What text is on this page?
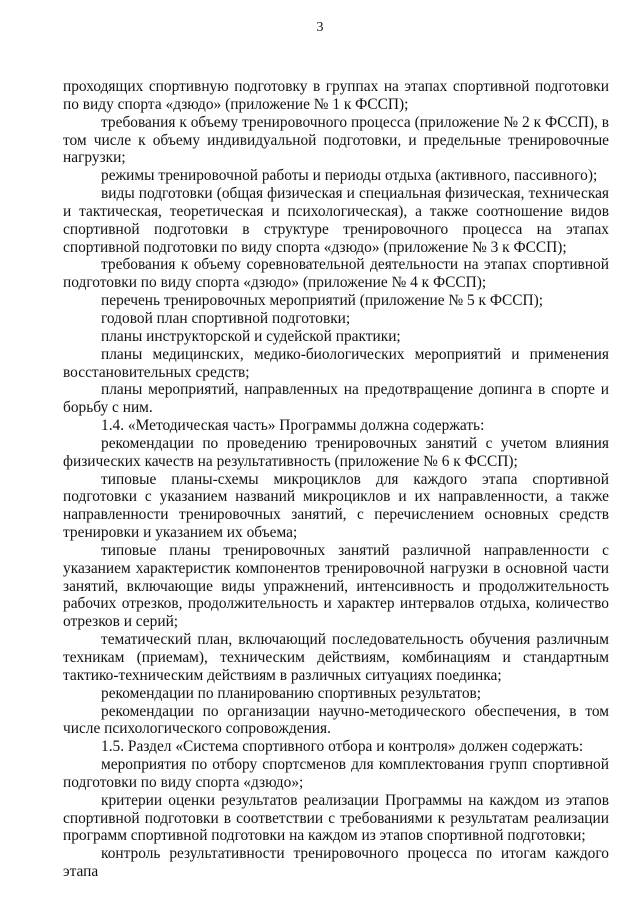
3

проходящих спортивную подготовку в группах на этапах спортивной подготовки по виду спорта «дзюдо» (приложение № 1 к ФССП);

требования к объему тренировочного процесса (приложение № 2 к ФССП), в том числе к объему индивидуальной подготовки, и предельные тренировочные нагрузки;

режимы тренировочной работы и периоды отдыха (активного, пассивного);

виды подготовки (общая физическая и специальная физическая, техническая и тактическая, теоретическая и психологическая), а также соотношение видов спортивной подготовки в структуре тренировочного процесса на этапах спортивной подготовки по виду спорта «дзюдо» (приложение № 3 к ФССП);

требования к объему соревновательной деятельности на этапах спортивной подготовки по виду спорта «дзюдо» (приложение № 4 к ФССП);

перечень тренировочных мероприятий (приложение № 5 к ФССП);

годовой план спортивной подготовки;

планы инструкторской и судейской практики;

планы медицинских, медико-биологических мероприятий и применения восстановительных средств;

планы мероприятий, направленных на предотвращение допинга в спорте и борьбу с ним.

1.4. «Методическая часть» Программы должна содержать:

рекомендации по проведению тренировочных занятий с учетом влияния физических качеств на результативность (приложение № 6 к ФССП);

типовые планы-схемы микроциклов для каждого этапа спортивной подготовки с указанием названий микроциклов и их направленности, а также направленности тренировочных занятий, с перечислением основных средств тренировки и указанием их объема;

типовые планы тренировочных занятий различной направленности с указанием характеристик компонентов тренировочной нагрузки в основной части занятий, включающие виды упражнений, интенсивность и продолжительность рабочих отрезков, продолжительность и характер интервалов отдыха, количество отрезков и серий;

тематический план, включающий последовательность обучения различным техникам (приемам), техническим действиям, комбинациям и стандартным тактико-техническим действиям в различных ситуациях поединка;

рекомендации по планированию спортивных результатов;

рекомендации по организации научно-методического обеспечения, в том числе психологического сопровождения.

1.5. Раздел «Система спортивного отбора и контроля» должен содержать:

мероприятия по отбору спортсменов для комплектования групп спортивной подготовки по виду спорта «дзюдо»;

критерии оценки результатов реализации Программы на каждом из этапов спортивной подготовки в соответствии с требованиями к результатам реализации программ спортивной подготовки на каждом из этапов спортивной подготовки;

контроль результативности тренировочного процесса по итогам каждого этапа
